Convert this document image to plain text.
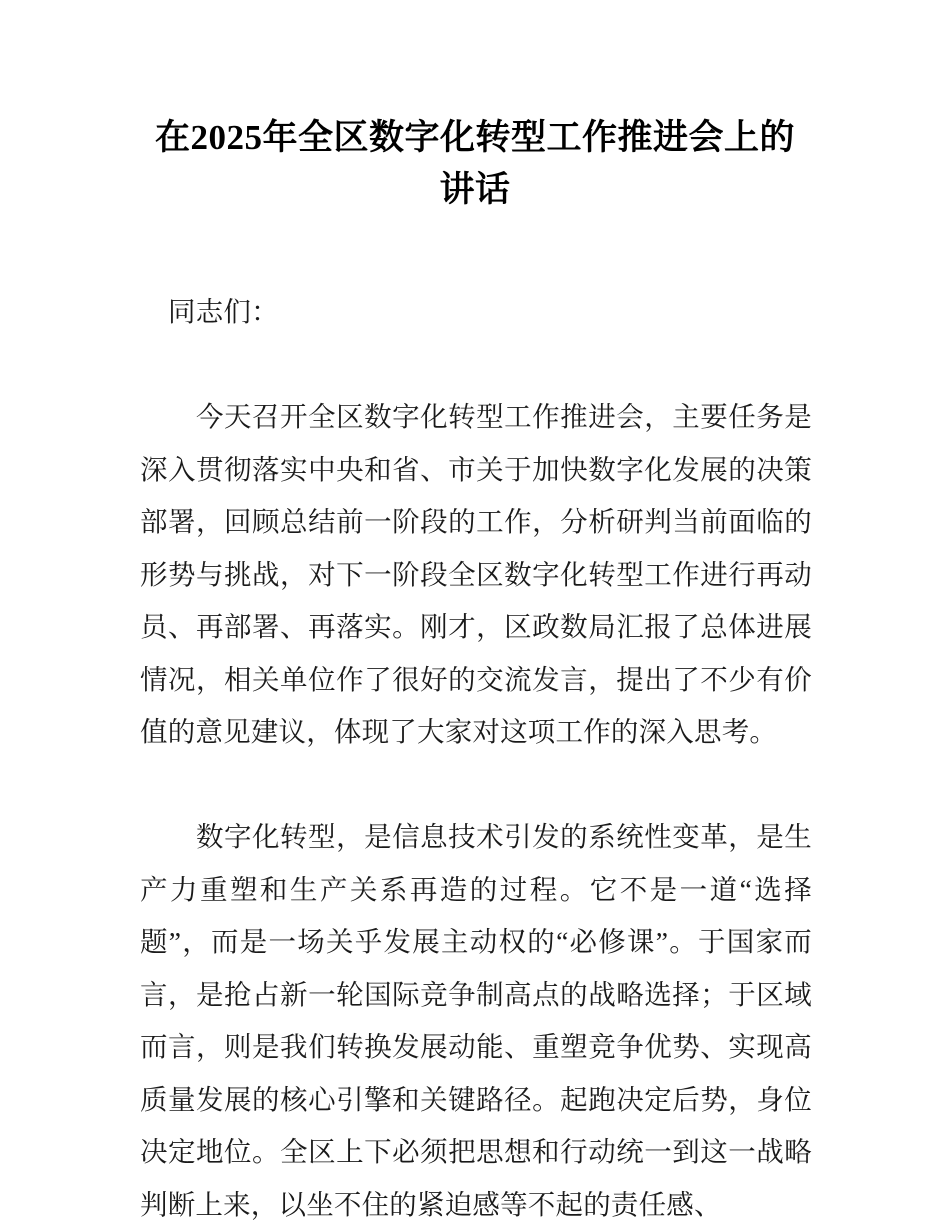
在2025年全区数字化转型工作推进会上的讲话

同志们：

今天召开全区数字化转型工作推进会，主要任务是深入贯彻落实中央和省、市关于加快数字化发展的决策部署，回顾总结前一阶段的工作，分析研判当前面临的形势与挑战，对下一阶段全区数字化转型工作进行再动员、再部署、再落实。刚才，区政数局汇报了总体进展情况，相关单位作了很好的交流发言，提出了不少有价值的意见建议，体现了大家对这项工作的深入思考。

数字化转型，是信息技术引发的系统性变革，是生产力重塑和生产关系再造的过程。它不是一道“选择题”，而是一场关乎发展主动权的“必修课”。于国家而言，是抢占新一轮国际竞争制高点的战略选择；于区域而言，则是我们转换发展动能、重塑竞争优势、实现高质量发展的核心引擎和关键路径。起跑决定后势，身位决定地位。全区上下必须把思想和行动统一到这一战略判断上来，以坐不住的紧迫感等不起的责任感、
